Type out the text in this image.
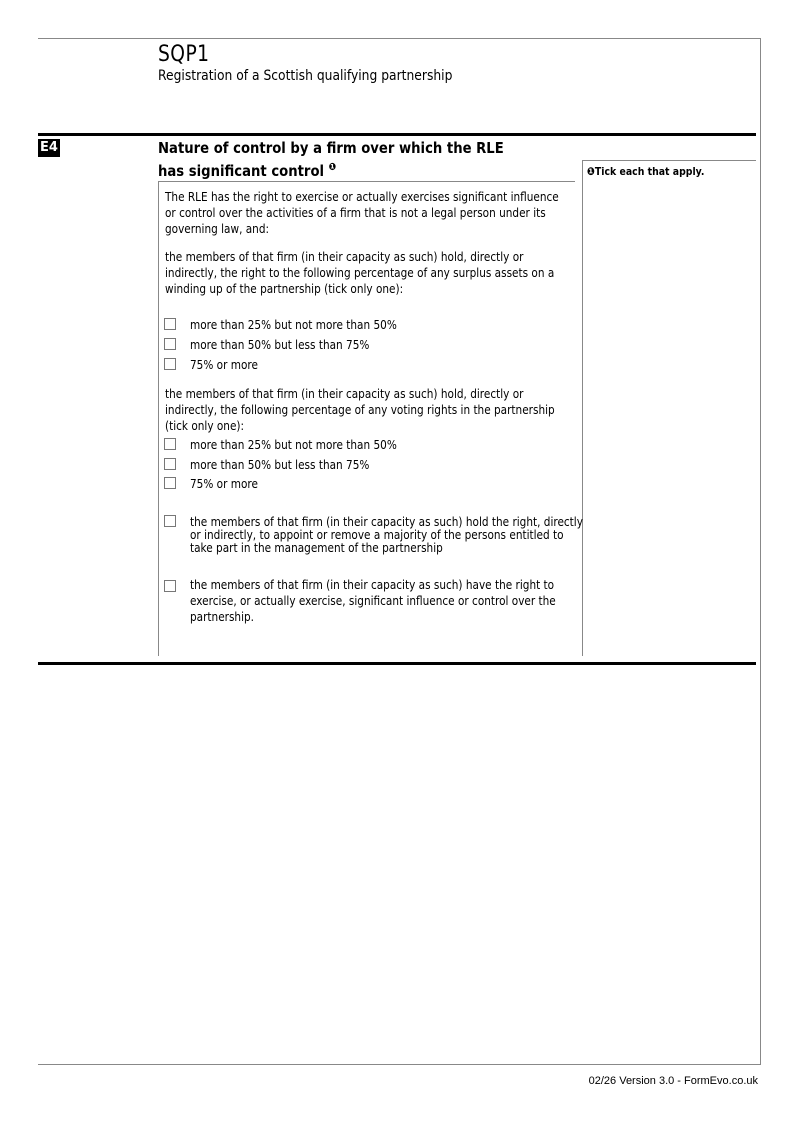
SQP1
Registration of a Scottish qualifying partnership
E4	Nature of control by a firm over which the RLE has significant control $^❶$	❶Tick each that apply.
The RLE has the right to exercise or actually exercises significant influence or control over the activities of a firm that is not a legal person under its governing law, and:
the members of that firm (in their capacity as such) hold, directly or indirectly, the right to the following percentage of any surplus assets on a winding up of the partnership (tick only one):
more than 25% but not more than 50%
more than 50% but less than 75%
75% or more
the members of that firm (in their capacity as such) hold, directly or indirectly, the following percentage of any voting rights in the partnership (tick only one):
more than 25% but not more than 50%
more than 50% but less than 75%
75% or more
the members of that firm (in their capacity as such) hold the right, directly or indirectly, to appoint or remove a majority of the persons entitled to take part in the management of the partnership
the members of that firm (in their capacity as such) have the right to exercise, or actually exercise, significant influence or control over the partnership.
02/26 Version 3.0 - FormEvo.co.uk
